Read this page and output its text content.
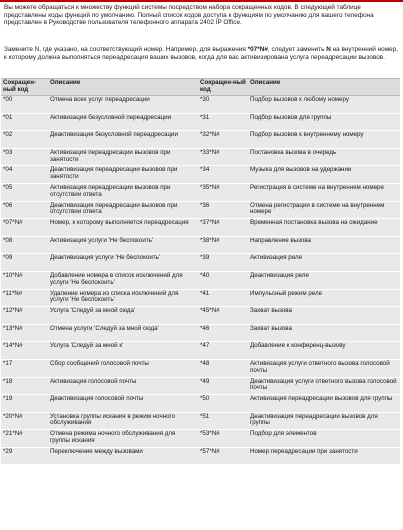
Вы можете обращаться к множеству функций системы посредством набора сокращенных кодов. В следующей таблице представлены коды функций по умолчанию. Полный список кодов доступа к функциям по умолчанию для вашего телефона представлен в Руководстве пользователя телефонного аппарата 2402 IP Office.

Замените N, где указано, на соответствующий номер. Например, для выражения *07*N#, следует заменить N на внутренний номер, к которому должна выполняться переадресация ваших вызовов, когда для вас активизирована услуга переадресации вызовов.

Сокращен-ный код	Описание	Сокращен-ный код	Описание
*00	Отмена всех услуг переадресации	*30	Подбор вызовов к любому номеру
*01	Активизация безусловной переадресации	*31	Подбор вызовов для группы
*02	Деактивизация безусловной переадресации	*32*N#	Подбор вызовов к внутреннему номеру
*03	Активизация переадресации вызовов при занятости	*33*N#	Постановка вызова в очередь
*04	Деактивизация переадресации вызовов при занятости	*34	Музыка для вызовов на удержании
*05	Активизация переадресации вызовов при отсутствии ответа	*35*N#	Регистрация в системе на внутреннем номере
*06	Деактивизация переадресации вызовов при отсутствии ответа	*36	Отмена регистрации в системе на внутреннем номере
*07*N#	Номер, к которому выполняется переадресация	*37*N#	Временная постановка вызова на ожидание
*08	Активизация услуги 'Не беспокоить'	*38*N#	Направление вызова
*09	Деактивизация услуги 'Не беспокоить'	*39	Активизация реле
*10*N#	Добавление номера в список исключений для услуги 'Не беспокоить'	*40	Деактивизация реле
*11*N#	Удаление номера из списка исключений для услуги 'Не беспокоить'	*41	Импульсный режим реле
*12*N#	Услуга 'Следуй за мной сюда'	*45*N#	Захват вызова
*13*N#	Отмена услуги 'Следуй за мной сюда'	*46	Захват вызова
*14*N#	Услуга 'Следуй за мной к'	*47	Добавление к конференц-вызову
*17	Сбор сообщений голосовой почты	*48	Активизация услуги ответного вызова голосовой почты
*18	Активизация голосовой почты	*49	Деактивизация услуги ответного вызова голосовой почты
*19	Деактивизация голосовой почты	*50	Активизация переадресации вызовов для группы
*20*N#	Установка группы искания в режим ночного обслуживания	*51	Деактивизация переадресации вызовов для группы
*21*N#	Отмена режима ночного обслуживания для группы искания	*53*N#	Подбор для элементов
*29	Переключение между вызовами	*57*N#	Номер переадресации при занятости
